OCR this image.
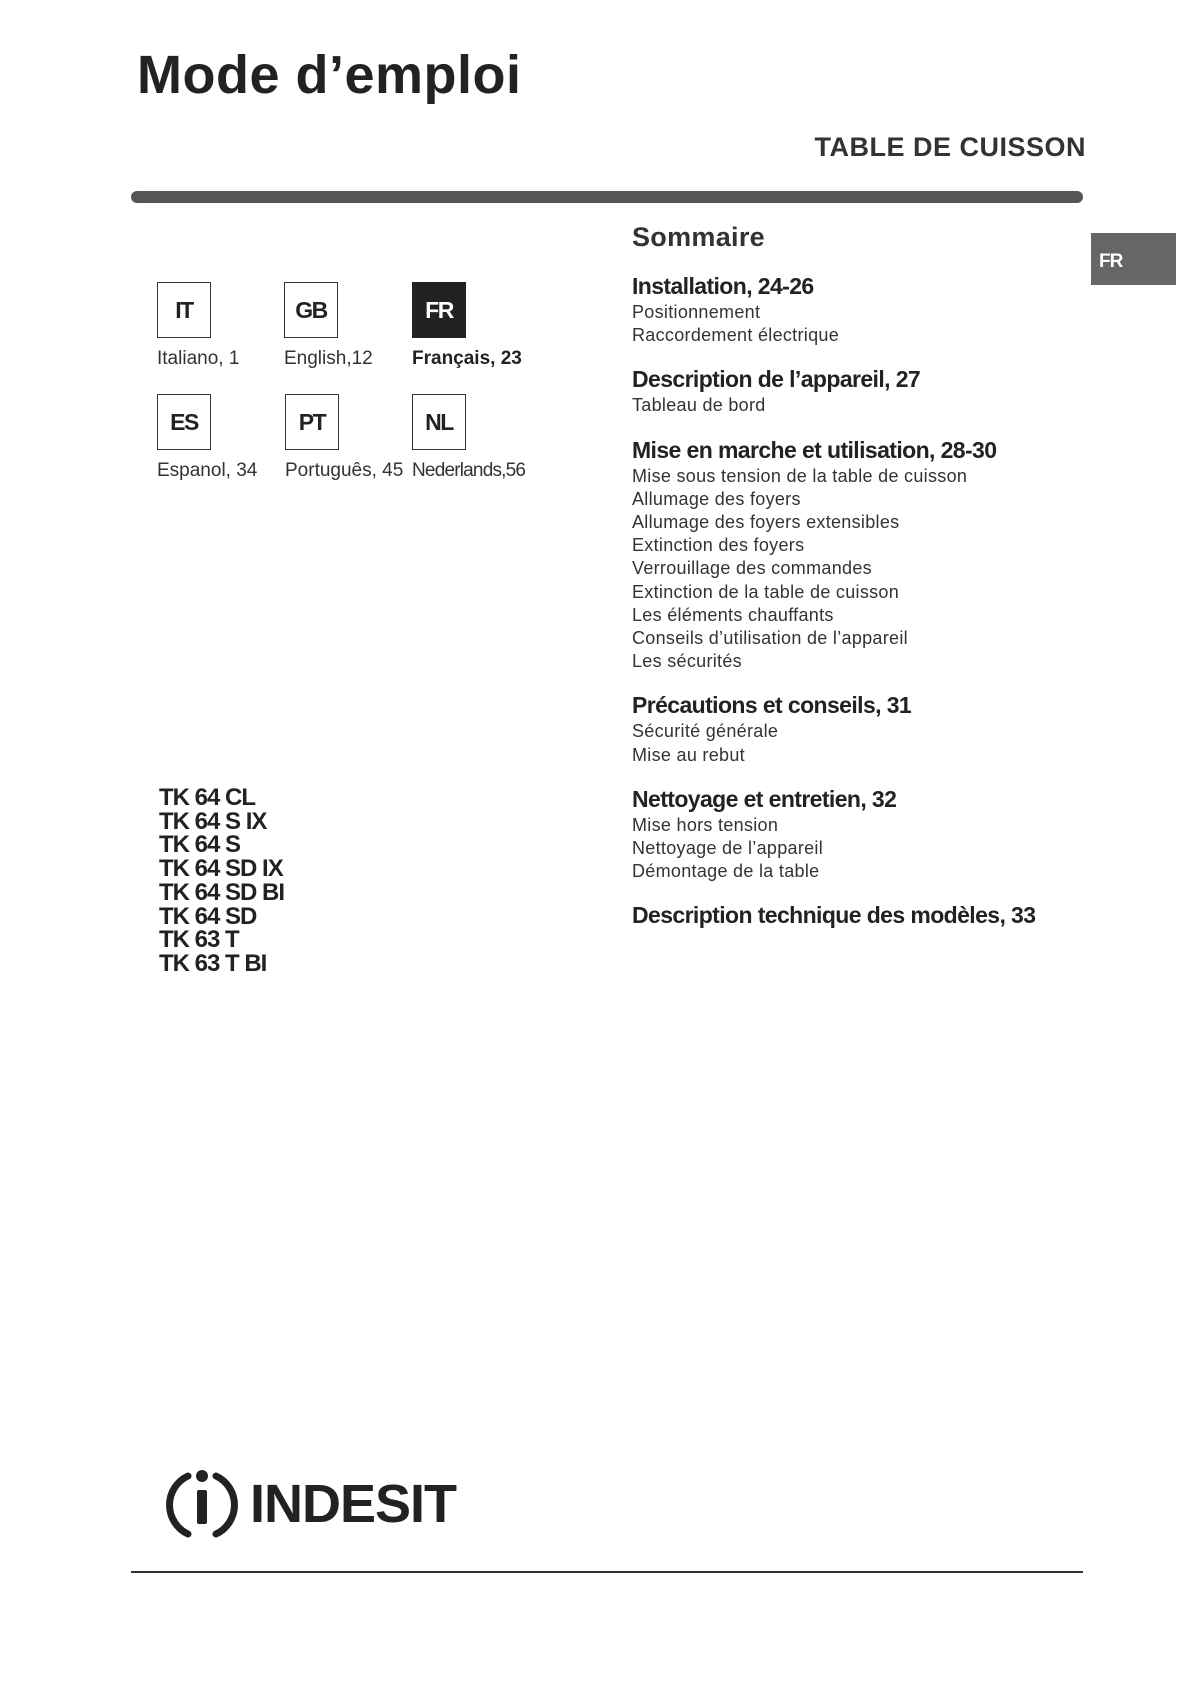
Mode d’emploi
TABLE DE CUISSON
FR
IT
Italiano, 1
GB
English,12
FR
Français, 23
ES
Espanol, 34
PT
Português, 45
NL
Nederlands,56
Sommaire
Installation, 24-26
Positionnement
Raccordement électrique
Description de l’appareil, 27
Tableau de bord
Mise en marche et utilisation, 28-30
Mise sous tension de la table de cuisson
Allumage des foyers
Allumage des foyers extensibles
Extinction des foyers
Verrouillage des commandes
Extinction de la table de cuisson
Les éléments chauffants
Conseils d’utilisation de l’appareil
Les sécurités
Précautions et conseils, 31
Sécurité générale
Mise au rebut
Nettoyage et entretien, 32
Mise hors tension
Nettoyage de l’appareil
Démontage de la table
Description technique des modèles, 33
TK 64 CL
TK 64 S IX
TK 64 S
TK 64 SD IX
TK 64 SD BI
TK 64 SD
TK 63 T
TK 63 T BI
INDESIT
